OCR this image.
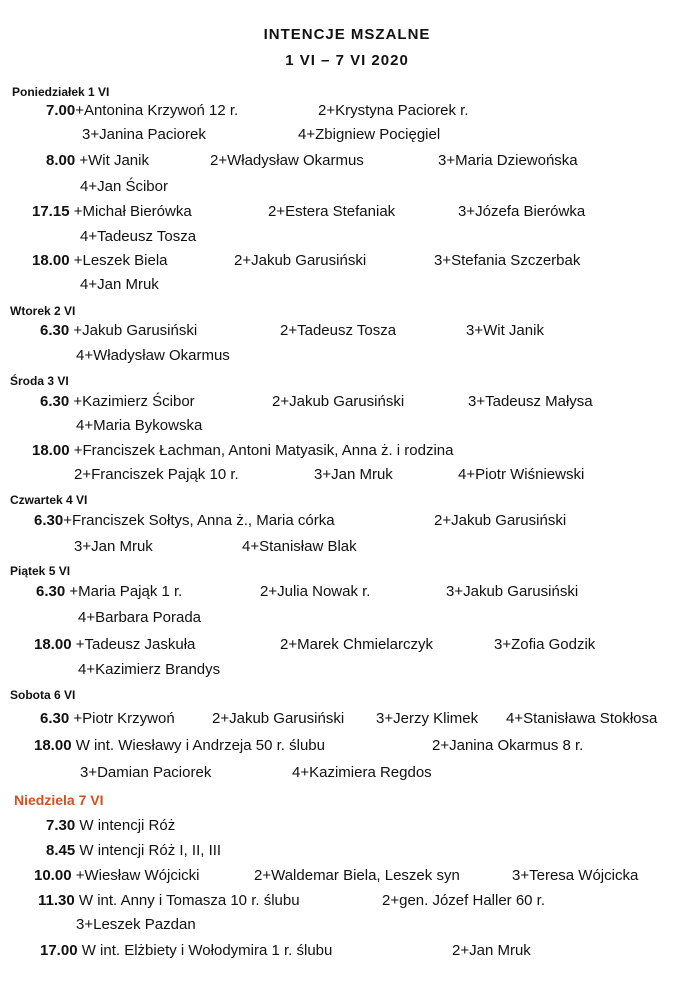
INTENCJE MSZALNE
1 VI – 7 VI 2020
Poniedziałek 1 VI
7.00+Antonina Krzywoń 12 r.	2+Krystyna Paciorek r.
3+Janina Paciorek	4+Zbigniew Pocięgiel
8.00 +Wit Janik	2+Władysław Okarmus	3+Maria Dziewońska
4+Jan Ścibor
17.15 +Michał Bierówka	2+Estera Stefaniak	3+Józefa Bierówka
4+Tadeusz Tosza
18.00 +Leszek Biela	2+Jakub Garusiński	3+Stefania Szczerbak
4+Jan Mruk
Wtorek 2 VI
6.30 +Jakub Garusiński	2+Tadeusz Tosza	3+Wit Janik
4+Władysław Okarmus
Środa 3 VI
6.30 +Kazimierz Ścibor	2+Jakub Garusiński	3+Tadeusz Małysa
4+Maria Bykowska
18.00 +Franciszek Łachman, Antoni Matyasik, Anna ż. i rodzina
2+Franciszek Pająk 10 r.	3+Jan Mruk	4+Piotr Wiśniewski
Czwartek 4 VI
6.30+Franciszek Sołtys, Anna ż., Maria córka	2+Jakub Garusiński
3+Jan Mruk	4+Stanisław Blak
Piątek 5 VI
6.30 +Maria Pająk 1 r.	2+Julia Nowak r.	3+Jakub Garusiński
4+Barbara Porada
18.00 +Tadeusz Jaskuła	2+Marek Chmielarczyk	3+Zofia Godzik
4+Kazimierz Brandys
Sobota 6 VI
6.30 +Piotr Krzywoń 2+Jakub Garusiński 3+Jerzy Klimek 4+Stanisława Stokłosa
18.00 W int. Wiesławy i Andrzeja 50 r. ślubu	2+Janina Okarmus 8 r.
3+Damian Paciorek	4+Kazimiera Regdos
Niedziela 7 VI
7.30 W intencji Róż
8.45 W intencji Róż I, II, III
10.00 +Wiesław Wójcicki	2+Waldemar Biela, Leszek syn	3+Teresa Wójcicka
11.30 W int. Anny i Tomasza 10 r. ślubu	2+gen. Józef Haller 60 r.
3+Leszek Pazdan
17.00 W int. Elżbiety i Wołodymira 1 r. ślubu	2+Jan Mruk
